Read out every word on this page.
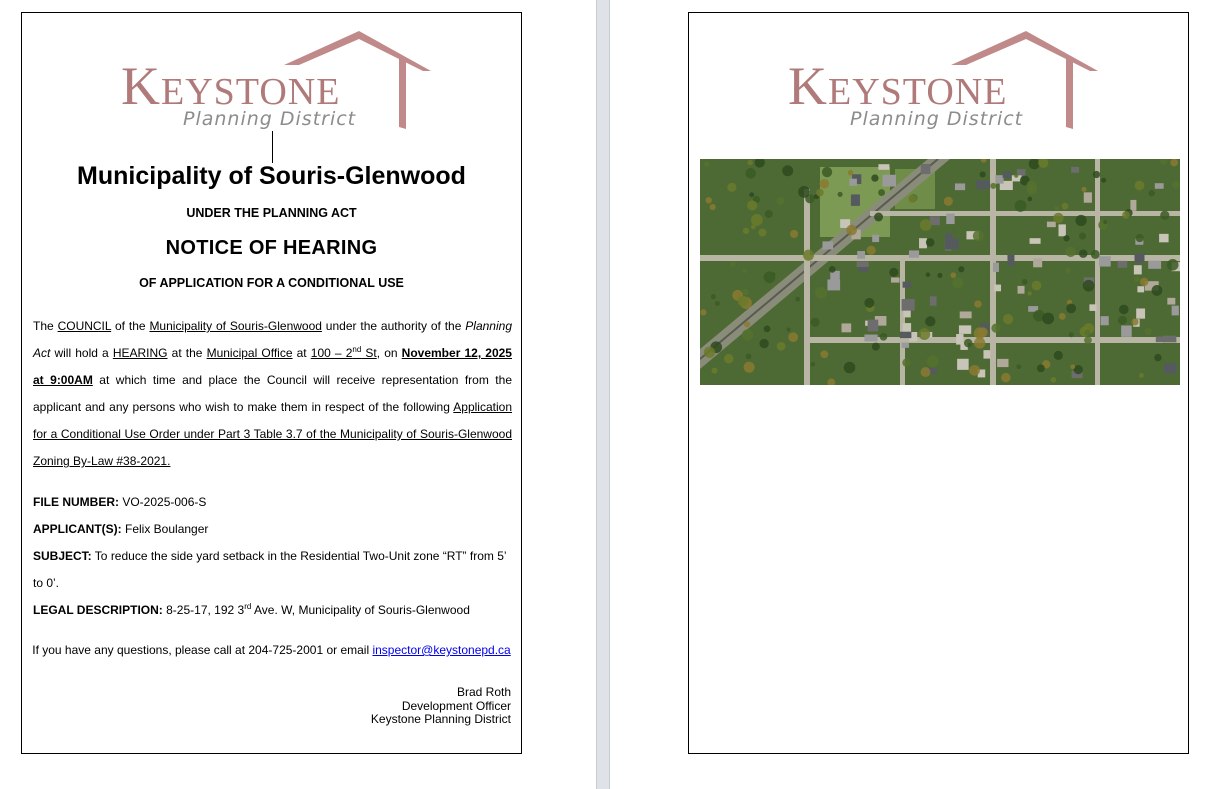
K EYSTONE
Planning District
Municipality of Souris-Glenwood
UNDER THE PLANNING ACT
NOTICE OF HEARING
OF APPLICATION FOR A CONDITIONAL USE
The COUNCIL of the Municipality of Souris-Glenwood under the authority of the Planning Act will hold a HEARING at the Municipal Office at 100 – 2nd St, on November 12, 2025 at 9:00AM at which time and place the Council will receive representation from the applicant and any persons who wish to make them in respect of the following Application for a Conditional Use Order under Part 3 Table 3.7 of the Municipality of Souris-Glenwood Zoning By-Law #38-2021.
FILE NUMBER: VO-2025-006-S
APPLICANT(S): Felix Boulanger
SUBJECT: To reduce the side yard setback in the Residential Two-Unit zone “RT” from 5’ to 0’.
LEGAL DESCRIPTION: 8-25-17, 192 3rd Ave. W, Municipality of Souris-Glenwood
If you have any questions, please call at 204-725-2001 or email inspector@keystonepd.ca
Brad Roth
Development Officer
Keystone Planning District
K EYSTONE
Planning District
